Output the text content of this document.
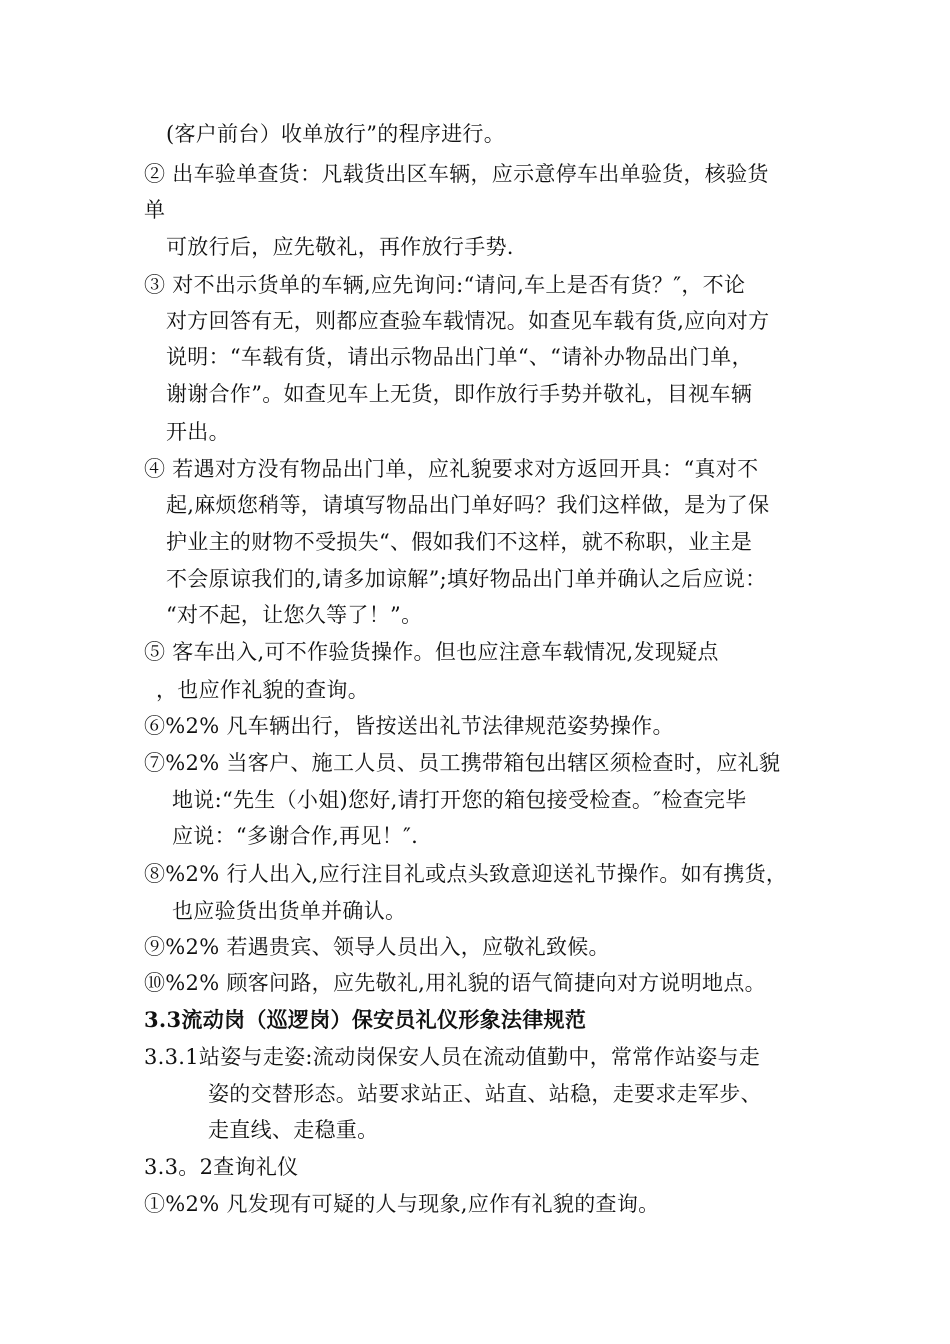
(客户前台）收单放行”的程序进行。
② 出车验单查货：凡载货出区车辆，应示意停车出单验货，核验货
单
可放行后，应先敬礼，再作放行手势.
③ 对不出示货单的车辆,应先询问:“请问,车上是否有货？″，不论
对方回答有无，则都应查验车载情况。如查见车载有货,应向对方
说明：“车载有货，请出示物品出门单“、“请补办物品出门单，
谢谢合作”。如查见车上无货，即作放行手势并敬礼，目视车辆
开出。
④ 若遇对方没有物品出门单，应礼貌要求对方返回开具：“真对不
起,麻烦您稍等，请填写物品出门单好吗？我们这样做，是为了保
护业主的财物不受损失“、假如我们不这样，就不称职，业主是
不会原谅我们的,请多加谅解”;填好物品出门单并确认之后应说：
“对不起，让您久等了！”。
⑤ 客车出入,可不作验货操作。但也应注意车载情况,发现疑点
，也应作礼貌的查询。
⑥%2% 凡车辆出行，皆按送出礼节法律规范姿势操作。
⑦%2% 当客户、施工人员、员工携带箱包出辖区须检查时，应礼貌
地说:“先生（小姐)您好,请打开您的箱包接受检查。″检查完毕
应说：“多谢合作,再见！″.
⑧%2% 行人出入,应行注目礼或点头致意迎送礼节操作。如有携货，
也应验货出货单并确认。
⑨%2% 若遇贵宾、领导人员出入，应敬礼致候。
⑩%2% 顾客问路，应先敬礼,用礼貌的语气简捷向对方说明地点。
3.3流动岗（巡逻岗）保安员礼仪形象法律规范
3.3.1站姿与走姿:流动岗保安人员在流动值勤中，常常作站姿与走
姿的交替形态。站要求站正、站直、站稳，走要求走军步、
走直线、走稳重。
3.3。2查询礼仪
①%2% 凡发现有可疑的人与现象,应作有礼貌的查询。
